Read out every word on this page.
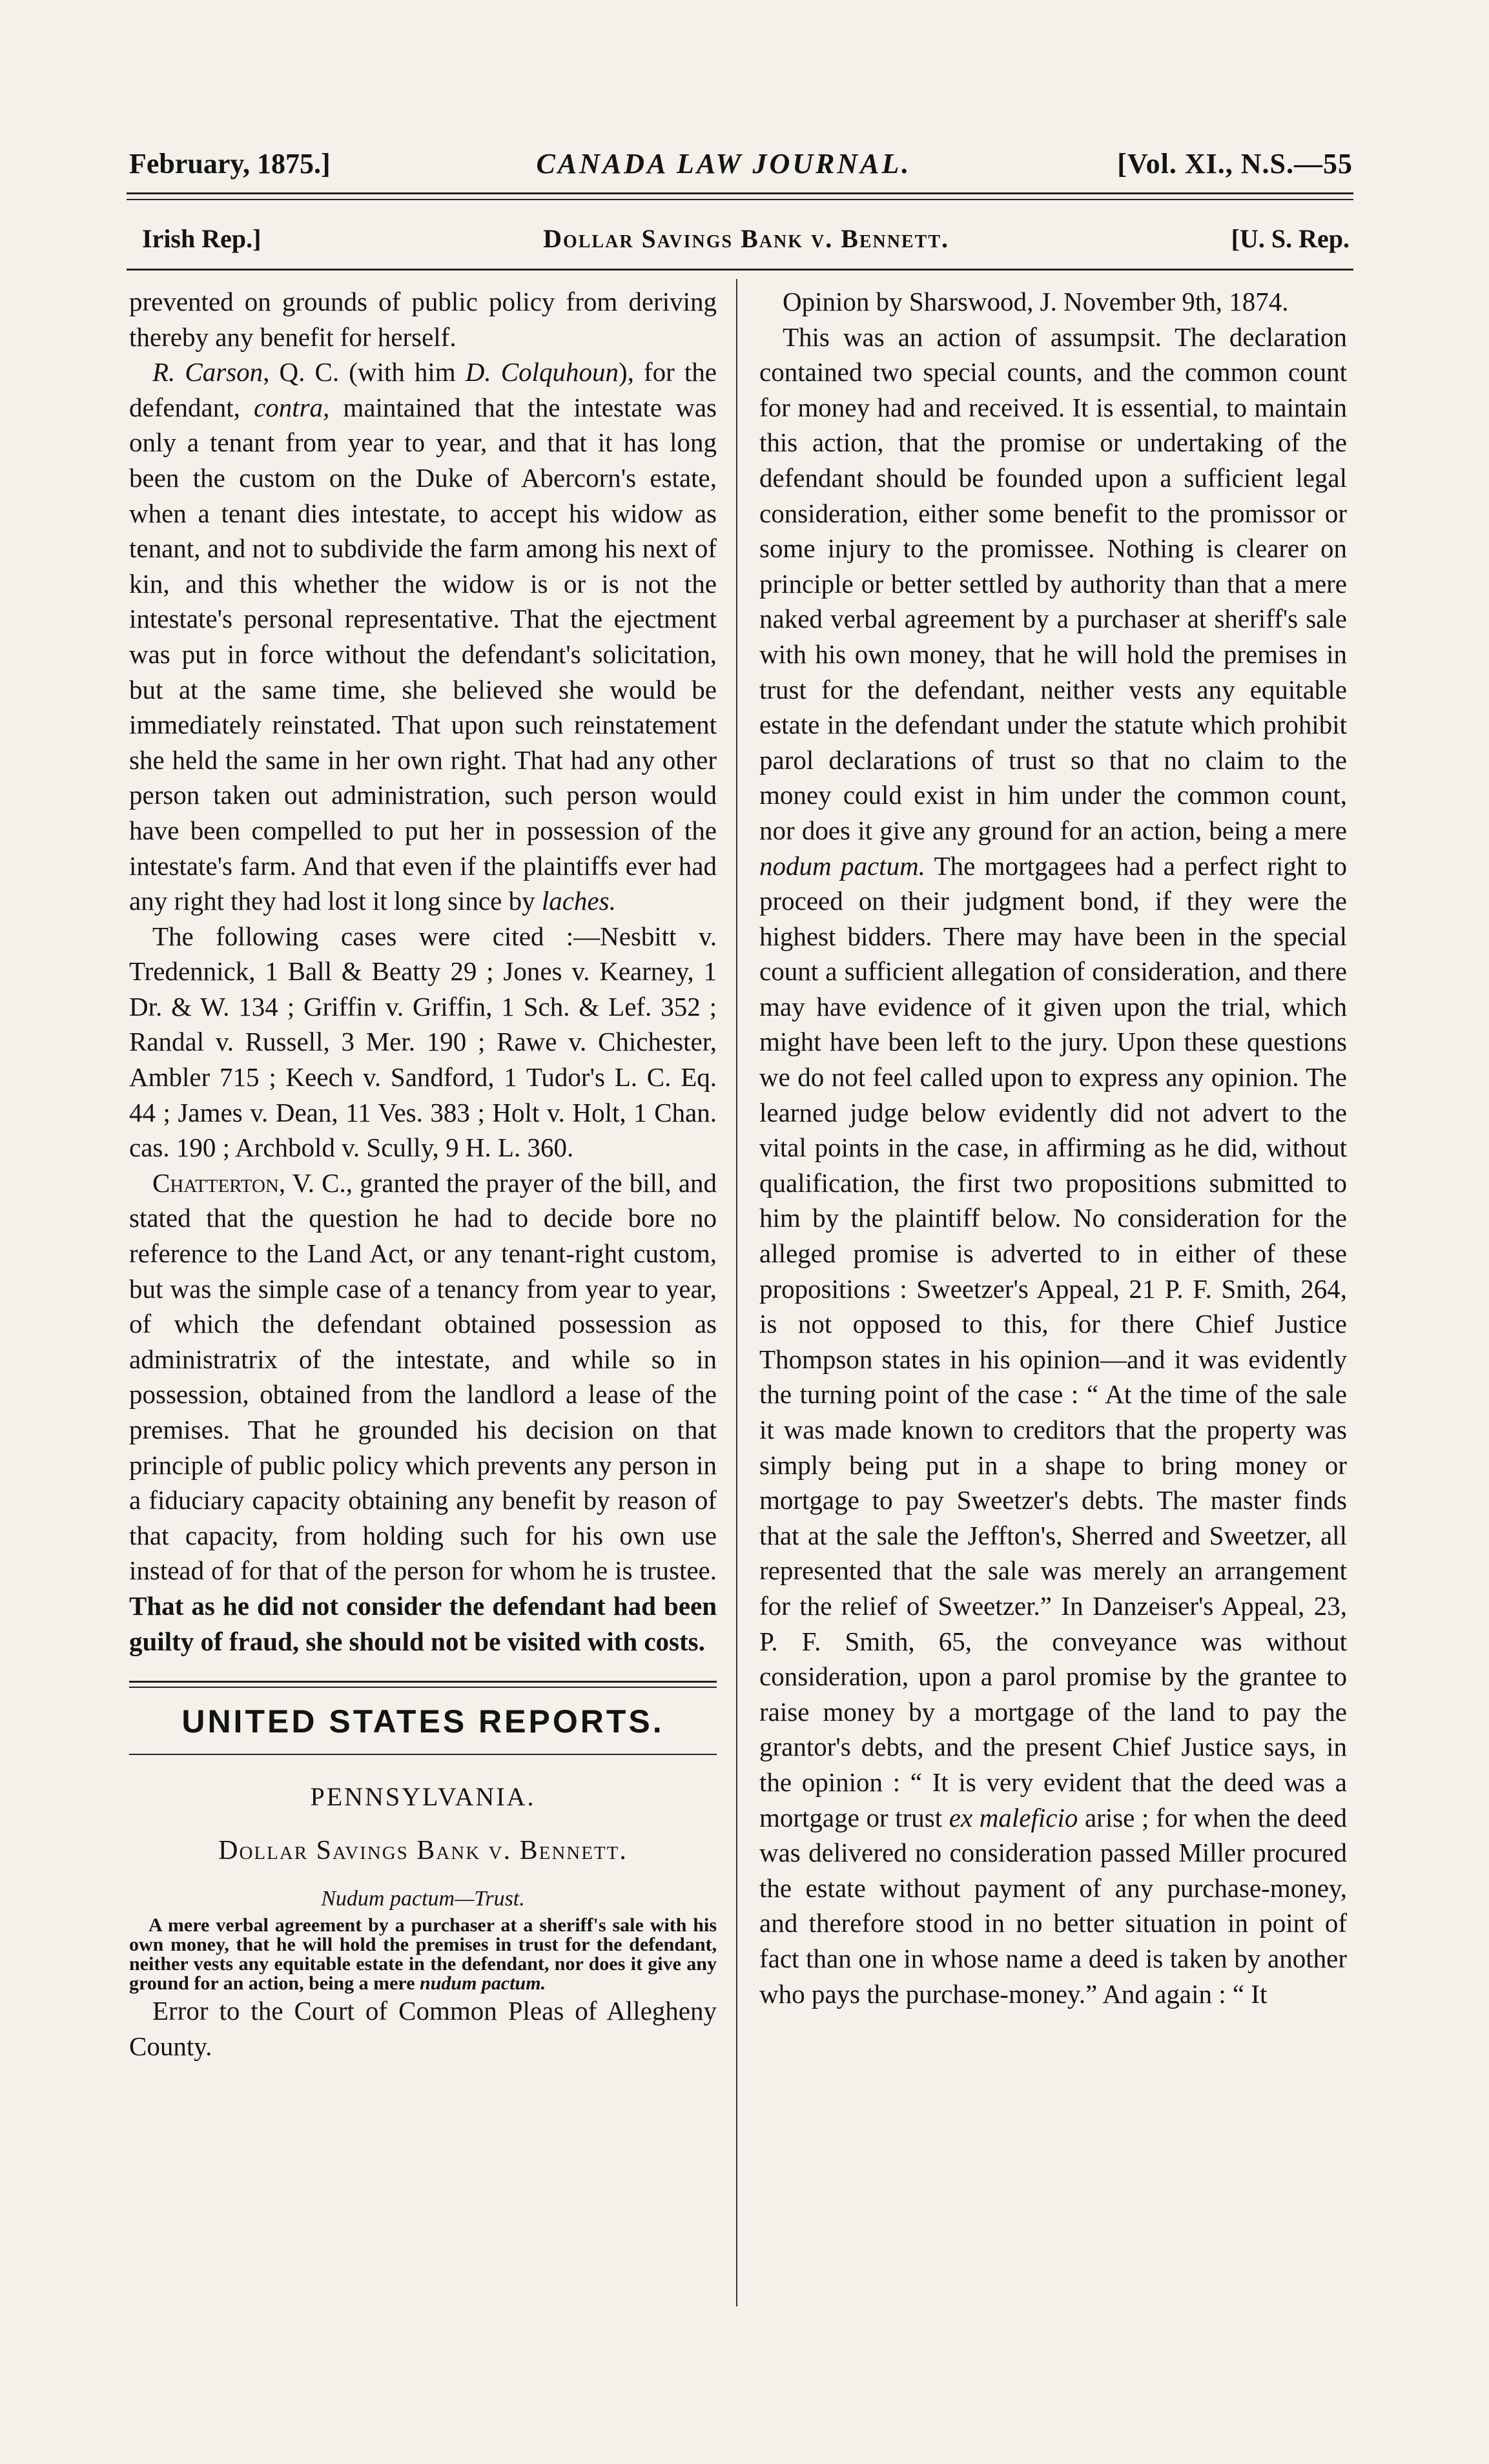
February, 1875.]	CANADA LAW JOURNAL.	[Vol. XI., N.S.—55
Irish Rep.]	Dollar Savings Bank v. Bennett.	[U. S. Rep.

prevented on grounds of public policy from deriving thereby any benefit for herself.

R. Carson, Q. C. (with him D. Colquhoun), for the defendant, contra, maintained that the intestate was only a tenant from year to year, and that it has long been the custom on the Duke of Abercorn's estate, when a tenant dies intestate, to accept his widow as tenant, and not to subdivide the farm among his next of kin, and this whether the widow is or is not the intestate's personal representative. That the ejectment was put in force without the defendant's solicitation, but at the same time, she believed she would be immediately reinstated. That upon such reinstatement she held the same in her own right. That had any other person taken out administration, such person would have been compelled to put her in possession of the intestate's farm. And that even if the plaintiffs ever had any right they had lost it long since by laches.

The following cases were cited :—Nesbitt v. Tredennick, 1 Ball & Beatty 29 ; Jones v. Kearney, 1 Dr. & W. 134 ; Griffin v. Griffin, 1 Sch. & Lef. 352 ; Randal v. Russell, 3 Mer. 190 ; Rawe v. Chichester, Ambler 715 ; Keech v. Sandford, 1 Tudor's L. C. Eq. 44 ; James v. Dean, 11 Ves. 383 ; Holt v. Holt, 1 Chan. cas. 190 ; Archbold v. Scully, 9 H. L. 360.

Chatterton, V. C., granted the prayer of the bill, and stated that the question he had to decide bore no reference to the Land Act, or any tenant-right custom, but was the simple case of a tenancy from year to year, of which the defendant obtained possession as administratrix of the intestate, and while so in possession, obtained from the landlord a lease of the premises. That he grounded his decision on that principle of public policy which prevents any person in a fiduciary capacity obtaining any benefit by reason of that capacity, from holding such for his own use instead of for that of the person for whom he is trustee. That as he did not consider the defendant had been guilty of fraud, she should not be visited with costs.

UNITED STATES REPORTS.
PENNSYLVANIA.
Dollar Savings Bank v. Bennett.
Nudum pactum—Trust.

A mere verbal agreement by a purchaser at a sheriff's sale with his own money, that he will hold the premises in trust for the defendant, neither vests any equitable estate in the defendant, nor does it give any ground for an action, being a mere nudum pactum.

Error to the Court of Common Pleas of Allegheny County.

Opinion by Sharswood, J. November 9th, 1874.

This was an action of assumpsit. The declaration contained two special counts, and the common count for money had and received. It is essential, to maintain this action, that the promise or undertaking of the defendant should be founded upon a sufficient legal consideration, either some benefit to the promissor or some injury to the promissee. Nothing is clearer on principle or better settled by authority than that a mere naked verbal agreement by a purchaser at sheriff's sale with his own money, that he will hold the premises in trust for the defendant, neither vests any equitable estate in the defendant under the statute which prohibit parol declarations of trust so that no claim to the money could exist in him under the common count, nor does it give any ground for an action, being a mere nodum pactum. The mortgagees had a perfect right to proceed on their judgment bond, if they were the highest bidders. There may have been in the special count a sufficient allegation of consideration, and there may have evidence of it given upon the trial, which might have been left to the jury. Upon these questions we do not feel called upon to express any opinion. The learned judge below evidently did not advert to the vital points in the case, in affirming as he did, without qualification, the first two propositions submitted to him by the plaintiff below. No consideration for the alleged promise is adverted to in either of these propositions : Sweetzer's Appeal, 21 P. F. Smith, 264, is not opposed to this, for there Chief Justice Thompson states in his opinion—and it was evidently the turning point of the case : “ At the time of the sale it was made known to creditors that the property was simply being put in a shape to bring money or mortgage to pay Sweetzer's debts. The master finds that at the sale the Jeffton's, Sherred and Sweetzer, all represented that the sale was merely an arrangement for the relief of Sweetzer.” In Danzeiser's Appeal, 23, P. F. Smith, 65, the conveyance was without consideration, upon a parol promise by the grantee to raise money by a mortgage of the land to pay the grantor's debts, and the present Chief Justice says, in the opinion : “ It is very evident that the deed was a mortgage or trust ex maleficio arise ; for when the deed was delivered no consideration passed Miller procured the estate without payment of any purchase-money, and therefore stood in no better situation in point of fact than one in whose name a deed is taken by another who pays the purchase-money.” And again : “ It
